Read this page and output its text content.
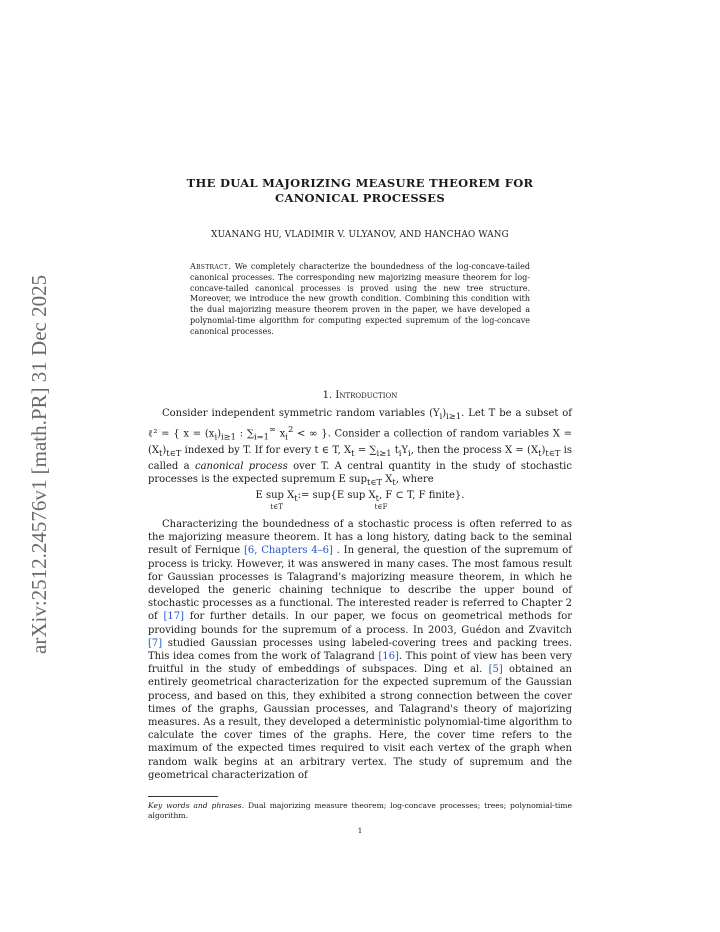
arXiv:2512.24576v1 [math.PR] 31 Dec 2025
THE DUAL MAJORIZING MEASURE THEOREM FOR
CANONICAL PROCESSES
XUANANG HU, VLADIMIR V. ULYANOV, AND HANCHAO WANG
Abstract. We completely characterize the boundedness of the log-concave-tailed canonical processes. The corresponding new majorizing measure theorem for log-concave-tailed canonical processes is proved using the new tree structure. Moreover, we introduce the new growth condition. Combining this condition with the dual majorizing measure theorem proven in the paper, we have developed a polynomial-time algorithm for computing expected supremum of the log-concave canonical processes.
1. Introduction
Consider independent symmetric random variables $(Y_i)_{i\ge 1}$. Let T be a subset of ℓ² = { $x = (x_i)_{i\ge 1}$ : $\sum_{i=1}^\infty$ $x_i^2$ < ∞ }. Consider a collection of random variables $X = (X_t)_{t\in T}$ indexed by T. If for every t ∈ T, $X_t = \sum_{i\ge 1}$ $t_iY_i$, then the process $X = (X_t)_{t\in T}$ is called a canonical process over T. A central quantity in the study of stochastic processes is the expected supremum E sup$_{t\in T}$ $X_t$, where
E sup $X_t$
t∈T
:= sup{E sup $X_t$, F ⊂ T, F finite}.
t∈F
Characterizing the boundedness of a stochastic process is often referred to as the majorizing measure theorem. It has a long history, dating back to the seminal result of Fernique [6, Chapters 4–6] . In general, the question of the supremum of process is tricky. However, it was answered in many cases. The most famous result for Gaussian processes is Talagrand's majorizing measure theorem, in which he developed the generic chaining technique to describe the upper bound of stochastic processes as a functional. The interested reader is referred to Chapter 2 of [17] for further details. In our paper, we focus on geometrical methods for providing bounds for the supremum of a process. In 2003, Guédon and Zvavitch [7] studied Gaussian processes using labeled-covering trees and packing trees. This idea comes from the work of Talagrand [16]. This point of view has been very fruitful in the study of embeddings of subspaces. Ding et al. [5] obtained an entirely geometrical characterization for the expected supremum of the Gaussian process, and based on this, they exhibited a strong connection between the cover times of the graphs, Gaussian processes, and Talagrand's theory of majorizing measures. As a result, they developed a deterministic polynomial-time algorithm to calculate the cover times of the graphs. Here, the cover time refers to the maximum of the expected times required to visit each vertex of the graph when random walk begins at an arbitrary vertex. The study of supremum and the geometrical characterization of
Key words and phrases. Dual majorizing measure theorem; log-concave processes; trees; polynomial-time algorithm.
1
